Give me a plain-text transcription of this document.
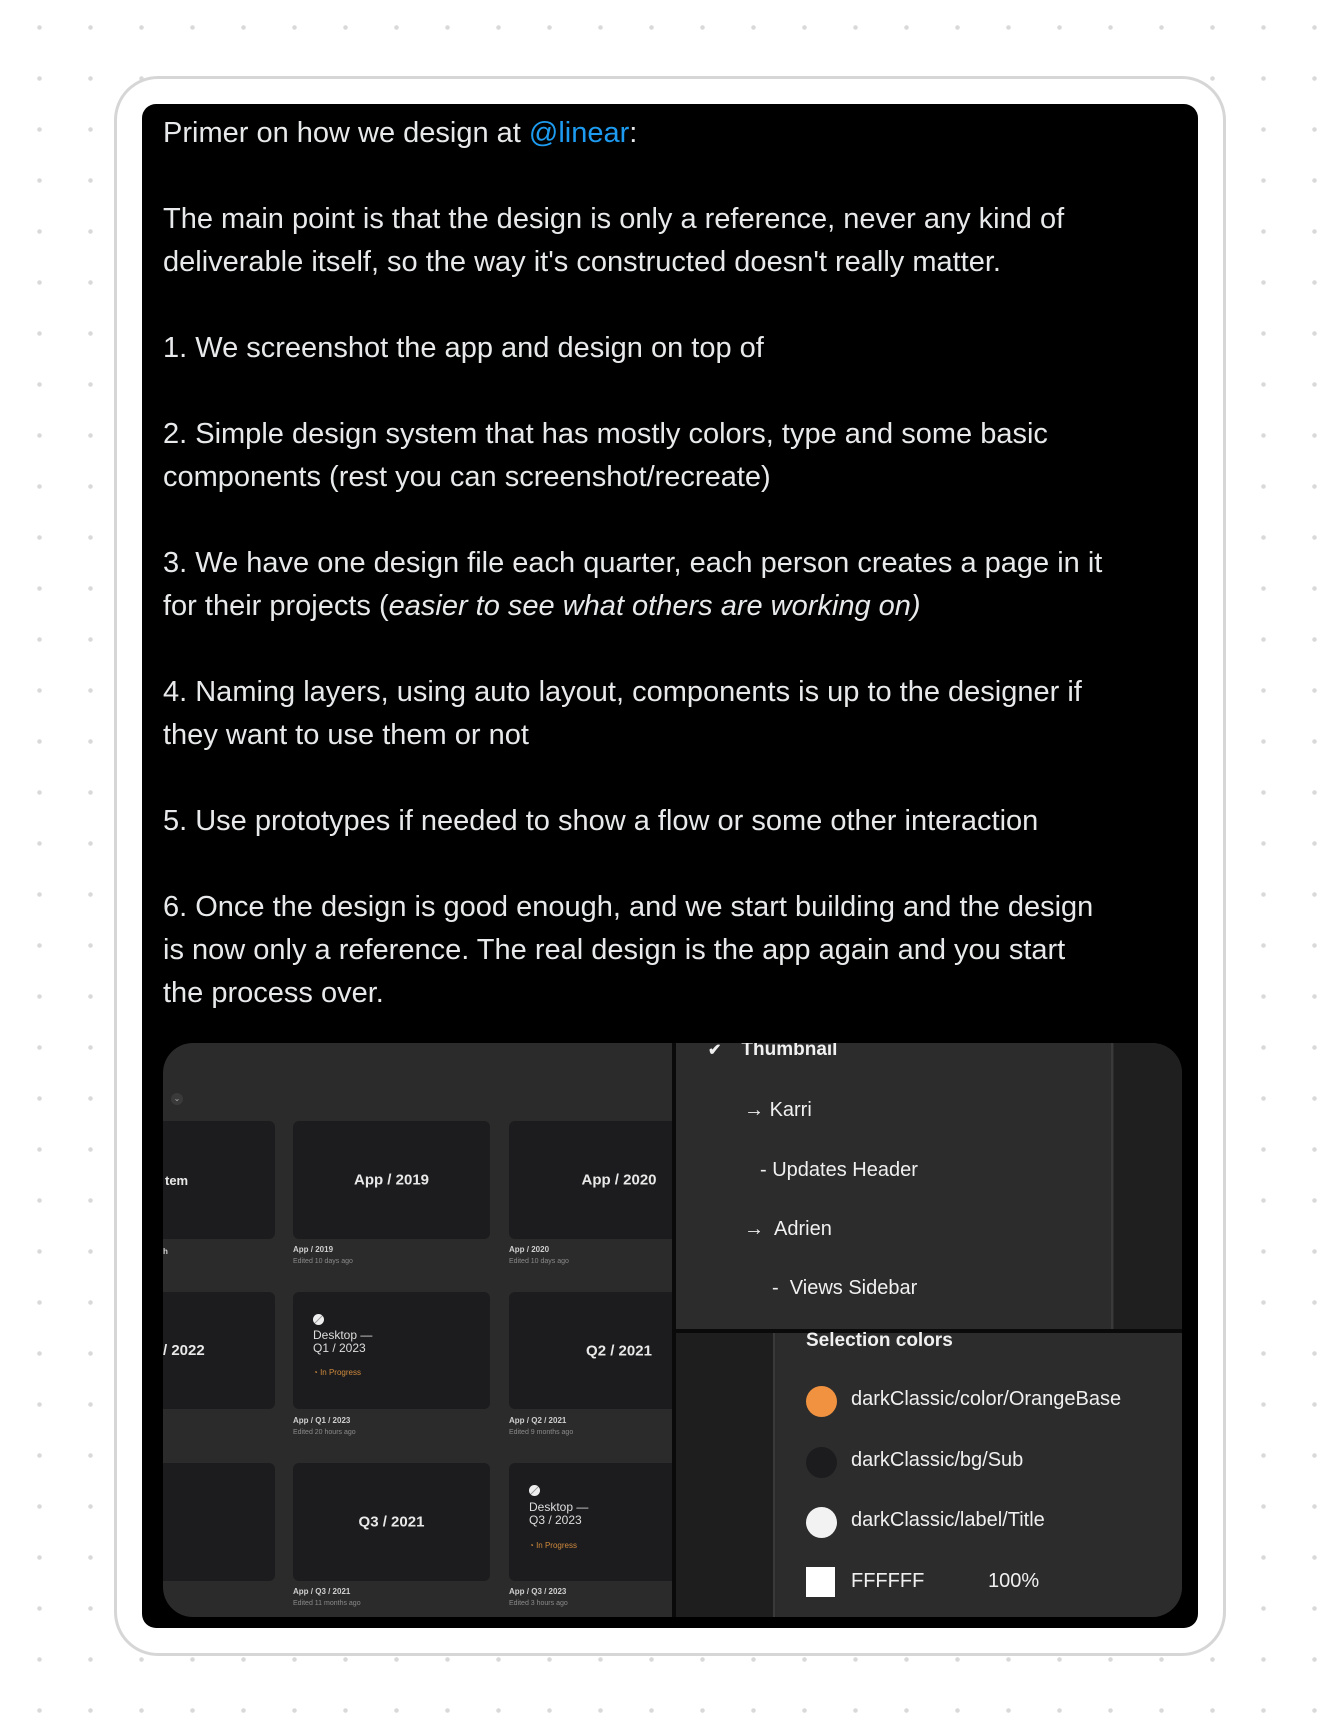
Primer on how we design at @linear:
The main point is that the design is only a reference, never any kind of
deliverable itself, so the way it's constructed doesn't really matter.
1. We screenshot the app and design on top of
2. Simple design system that has mostly colors, type and some basic
components (rest you can screenshot/recreate)
3. We have one design file each quarter, each person creates a page in it
for their projects (easier to see what others are working on)
4. Naming layers, using auto layout, components is up to the designer if
they want to use them or not
5. Use prototypes if needed to show a flow or some other interaction
6. Once the design is good enough, and we start building and the design
is now only a reference. The real design is the app again and you start
the process over.
⌄
tem
h
/ 2022
App / 2019
App / 2019
Edited 10 days ago
App / 2020
App / 2020
Edited 10 days ago
Desktop —
Q1 / 2023
◔ In Progress
App / Q1 / 2023
Edited 20 hours ago
Q2 / 2021
App / Q2 / 2021
Edited 9 months ago
Q3 / 2021
App / Q3 / 2021
Edited 11 months ago
Desktop —
Q3 / 2023
◔ In Progress
App / Q3 / 2023
Edited 3 hours ago
✔ Thumbnail
→ Karri
- Updates Header
→ Adrien
-  Views Sidebar
Selection colors
darkClassic/color/OrangeBase
darkClassic/bg/Sub
darkClassic/label/Title
FFFFFF	100%
